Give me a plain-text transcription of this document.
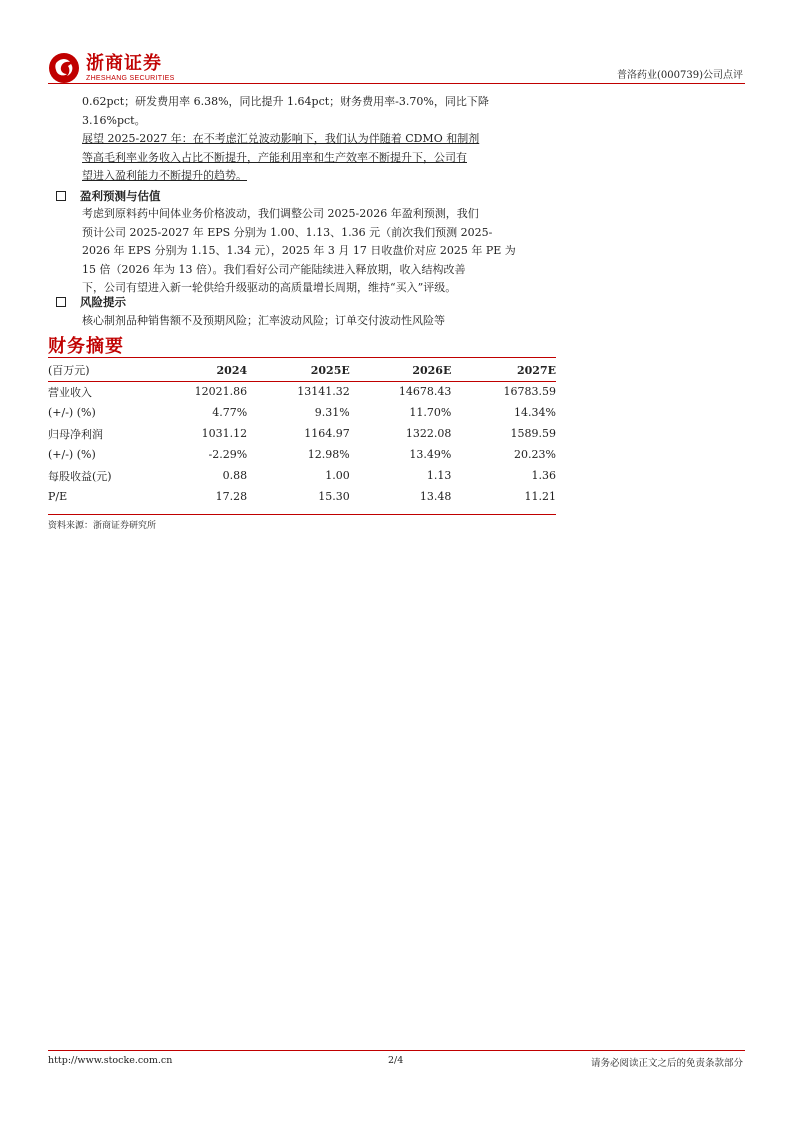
浙商证券
ZHESHANG SECURITIES	普洛药业(000739)公司点评
0.62pct；研发费用率 6.38%，同比提升 1.64pct；财务费用率-3.70%，同比下降
3.16%pct。
展望 2025-2027 年：在不考虑汇兑波动影响下，我们认为伴随着 CDMO 和制剂
等高毛利率业务收入占比不断提升，产能利用率和生产效率不断提升下，公司有
望进入盈利能力不断提升的趋势。
盈利预测与估值
考虑到原料药中间体业务价格波动，我们调整公司 2025-2026 年盈利预测，我们
预计公司 2025-2027 年 EPS 分别为 1.00、1.13、1.36 元（前次我们预测 2025-
2026 年 EPS 分别为 1.15、1.34 元），2025 年 3 月 17 日收盘价对应 2025 年 PE 为
15 倍（2026 年为 13 倍）。我们看好公司产能陆续进入释放期，收入结构改善
下，公司有望进入新一轮供给升级驱动的高质量增长周期，维持“买入”评级。
风险提示
核心制剂品种销售额不及预期风险；汇率波动风险；订单交付波动性风险等
财务摘要
(百万元)	2024	2025E	2026E	2027E
营业收入	12021.86	13141.32	14678.43	16783.59
(+/-) (%)	4.77%	9.31%	11.70%	14.34%
归母净利润	1031.12	1164.97	1322.08	1589.59
(+/-) (%)	-2.29%	12.98%	13.49%	20.23%
每股收益(元)	0.88	1.00	1.13	1.36
P/E	17.28	15.30	13.48	11.21
资料来源：浙商证券研究所
http://www.stocke.com.cn	2/4	请务必阅读正文之后的免责条款部分
